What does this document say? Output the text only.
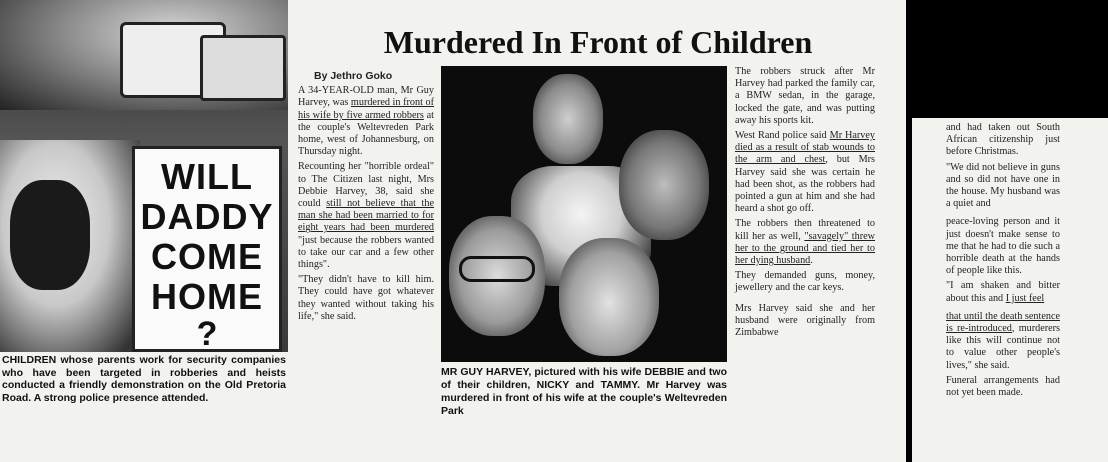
WILL
DADDY
COME
HOME
?
CHILDREN whose parents work for security companies who have been targeted in robberies and heists conducted a friendly demonstration on the Old Pretoria Road. A strong police presence attended.
Murdered In Front of Children

By Jethro Goko

A 34-YEAR-OLD man, Mr Guy Harvey, was murdered in front of his wife by five armed robbers at the couple's Weltevreden Park home, west of Johannesburg, on Thursday night.

Recounting her "horrible ordeal" to The Citizen last night, Mrs Debbie Harvey, 38, said she could still not believe that the man she had been married to for eight years had been murdered "just because the robbers wanted to take our car and a few other things".

"They didn't have to kill him. They could have got whatever they wanted without taking his life," she said.

MR GUY HARVEY, pictured with his wife DEBBIE and two of their children, NICKY and TAMMY. Mr Harvey was murdered in front of his wife at the couple's Weltevreden Park

The robbers struck after Mr Harvey had parked the family car, a BMW sedan, in the garage, locked the gate, and was putting away his sports kit.

West Rand police said Mr Harvey died as a result of stab wounds to the arm and chest, but Mrs Harvey said she was certain he had been shot, as the robbers had pointed a gun at him and she had heard a shot go off.

The robbers then threatened to kill her as well, "savagely" threw her to the ground and tied her to her dying husband.

They demanded guns, money, jewellery and the car keys.

Mrs Harvey said she and her husband were originally from Zimbabwe

and had taken out South African citizenship just before Christmas.

"We did not believe in guns and so did not have one in the house. My husband was a quiet and

peace-loving person and it just doesn't make sense to me that he had to die such a horrible death at the hands of people like this.

"I am shaken and bitter about this and I just feel

that until the death sentence is re-introduced, murderers like this will continue not to value other people's lives," she said.

Funeral arrangements had not yet been made.
